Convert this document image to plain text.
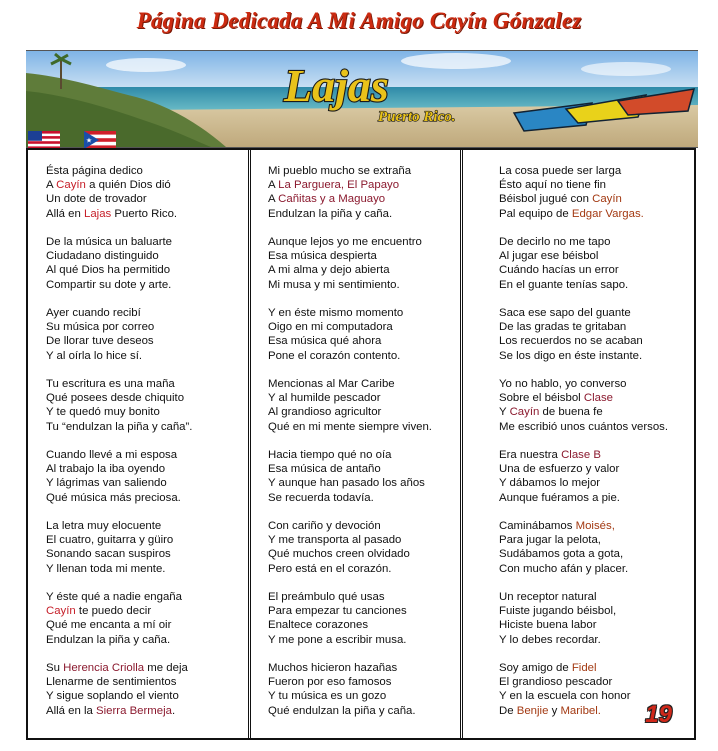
Página Dedicada A Mi Amigo Cayín Gónzalez
Lajas
Puerto Rico.
Ésta página dedico
A Cayín a quién Dios dió
Un dote de trovador
Allá en Lajas Puerto Rico.
De la música un baluarte
Ciudadano distinguido
Al qué Dios ha permitido
Compartir su dote y arte.
Ayer cuando recibí
Su música por correo
De llorar tuve deseos
Y al oírla lo hice sí.
Tu escritura es una maña
Qué posees desde chiquito
Y te quedó muy bonito
Tu “endulzan la piña y caña”.
Cuando llevé a mi esposa
Al trabajo la iba oyendo
Y lágrimas van saliendo
Qué música más preciosa.
La letra muy elocuente
El cuatro, guitarra y güiro
Sonando sacan suspiros
Y llenan toda mi mente.
Y éste qué a nadie engaña
Cayín te puedo decir
Qué me encanta a mí oir
Endulzan la piña y caña.
Su Herencia Criolla me deja
Llenarme de sentimientos
Y sigue soplando el viento
Allá en la Sierra Bermeja.
Mi pueblo mucho se extraña
A La Parguera, El Papayo
A Cañitas y a Maguayo
Endulzan la piña y caña.
Aunque lejos yo me encuentro
Esa música despierta
A mi alma y dejo abierta
Mi musa y mi sentimiento.
Y en éste mismo momento
Oigo en mi computadora
Esa música qué ahora
Pone el corazón contento.
Mencionas al Mar Caribe
Y al humilde pescador
Al grandioso agricultor
Qué en mi mente siempre viven.
Hacia tiempo qué no oía
Esa música de antaño
Y aunque han pasado los años
Se recuerda todavía.
Con cariño y devoción
Y me transporta al pasado
Qué muchos creen olvidado
Pero está en el corazón.
El preámbulo qué usas
Para empezar tu canciones
Enaltece corazones
Y me pone a escribir musa.
Muchos hicieron hazañas
Fueron por eso famosos
Y tu música es un gozo
Qué endulzan la piña y caña.
La cosa puede ser larga
Ésto aquí no tiene fin
Béisbol jugué con Cayín
Pal equipo de Edgar Vargas.
De decirlo no me tapo
Al jugar ese béisbol
Cuándo hacías un error
En el guante tenías sapo.
Saca ese sapo del guante
De las gradas te gritaban
Los recuerdos no se acaban
Se los digo en éste instante.
Yo no hablo, yo converso
Sobre el béisbol Clase
Y Cayín de buena fe
Me escribió unos cuántos versos.
Era nuestra Clase B
Una de esfuerzo y valor
Y dábamos lo mejor
Aunque fuéramos a pie.
Caminábamos Moisés,
Para jugar la pelota,
Sudábamos gota a gota,
Con mucho afán y placer.
Un receptor natural
Fuiste jugando béisbol,
Hiciste buena labor
Y lo debes recordar.
Soy amigo de Fidel
El grandioso pescador
Y en la escuela con honor
De Benjie y Maribel.	19
